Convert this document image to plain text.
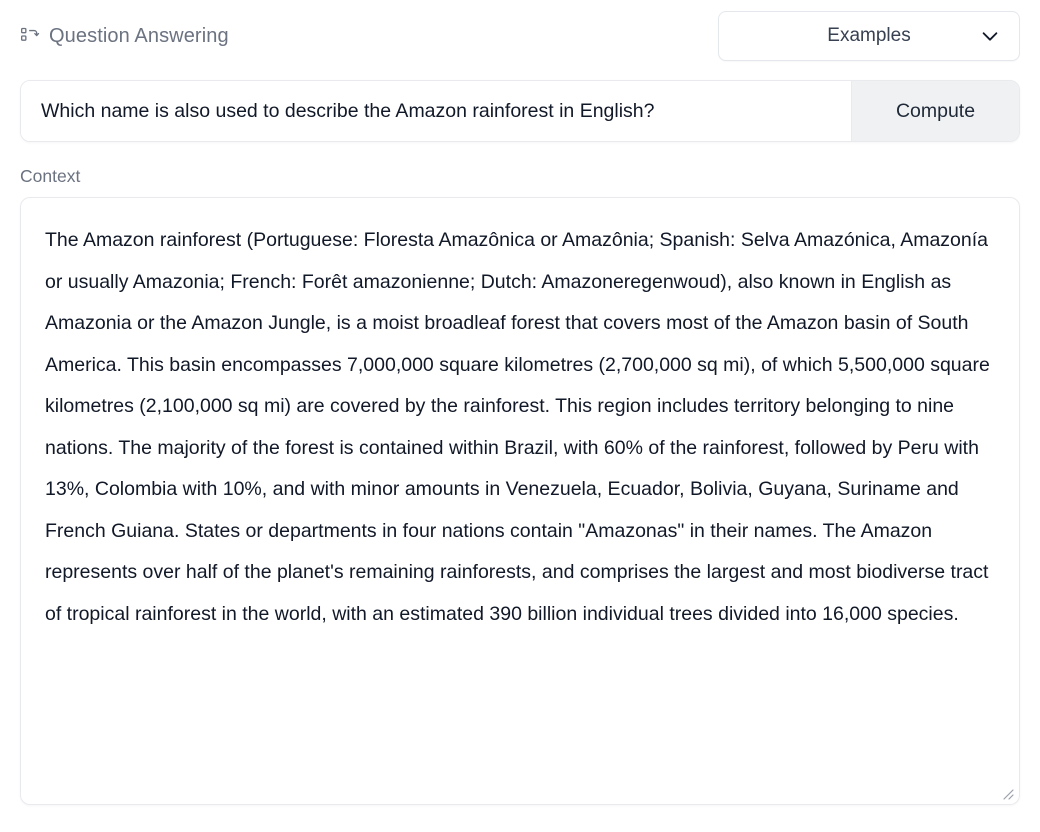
Question Answering	Examples
Which name is also used to describe the Amazon rainforest in English?
Compute
Context
The Amazon rainforest (Portuguese: Floresta Amazônica or Amazônia; Spanish: Selva Amazónica, Amazonía or usually Amazonia; French: Forêt amazonienne; Dutch: Amazoneregenwoud), also known in English as Amazonia or the Amazon Jungle, is a moist broadleaf forest that covers most of the Amazon basin of South America. This basin encompasses 7,000,000 square kilometres (2,700,000 sq mi), of which 5,500,000 square kilometres (2,100,000 sq mi) are covered by the rainforest. This region includes territory belonging to nine nations. The majority of the forest is contained within Brazil, with 60% of the rainforest, followed by Peru with 13%, Colombia with 10%, and with minor amounts in Venezuela, Ecuador, Bolivia, Guyana, Suriname and French Guiana. States or departments in four nations contain "Amazonas" in their names. The Amazon represents over half of the planet's remaining rainforests, and comprises the largest and most biodiverse tract of tropical rainforest in the world, with an estimated 390 billion individual trees divided into 16,000 species.
